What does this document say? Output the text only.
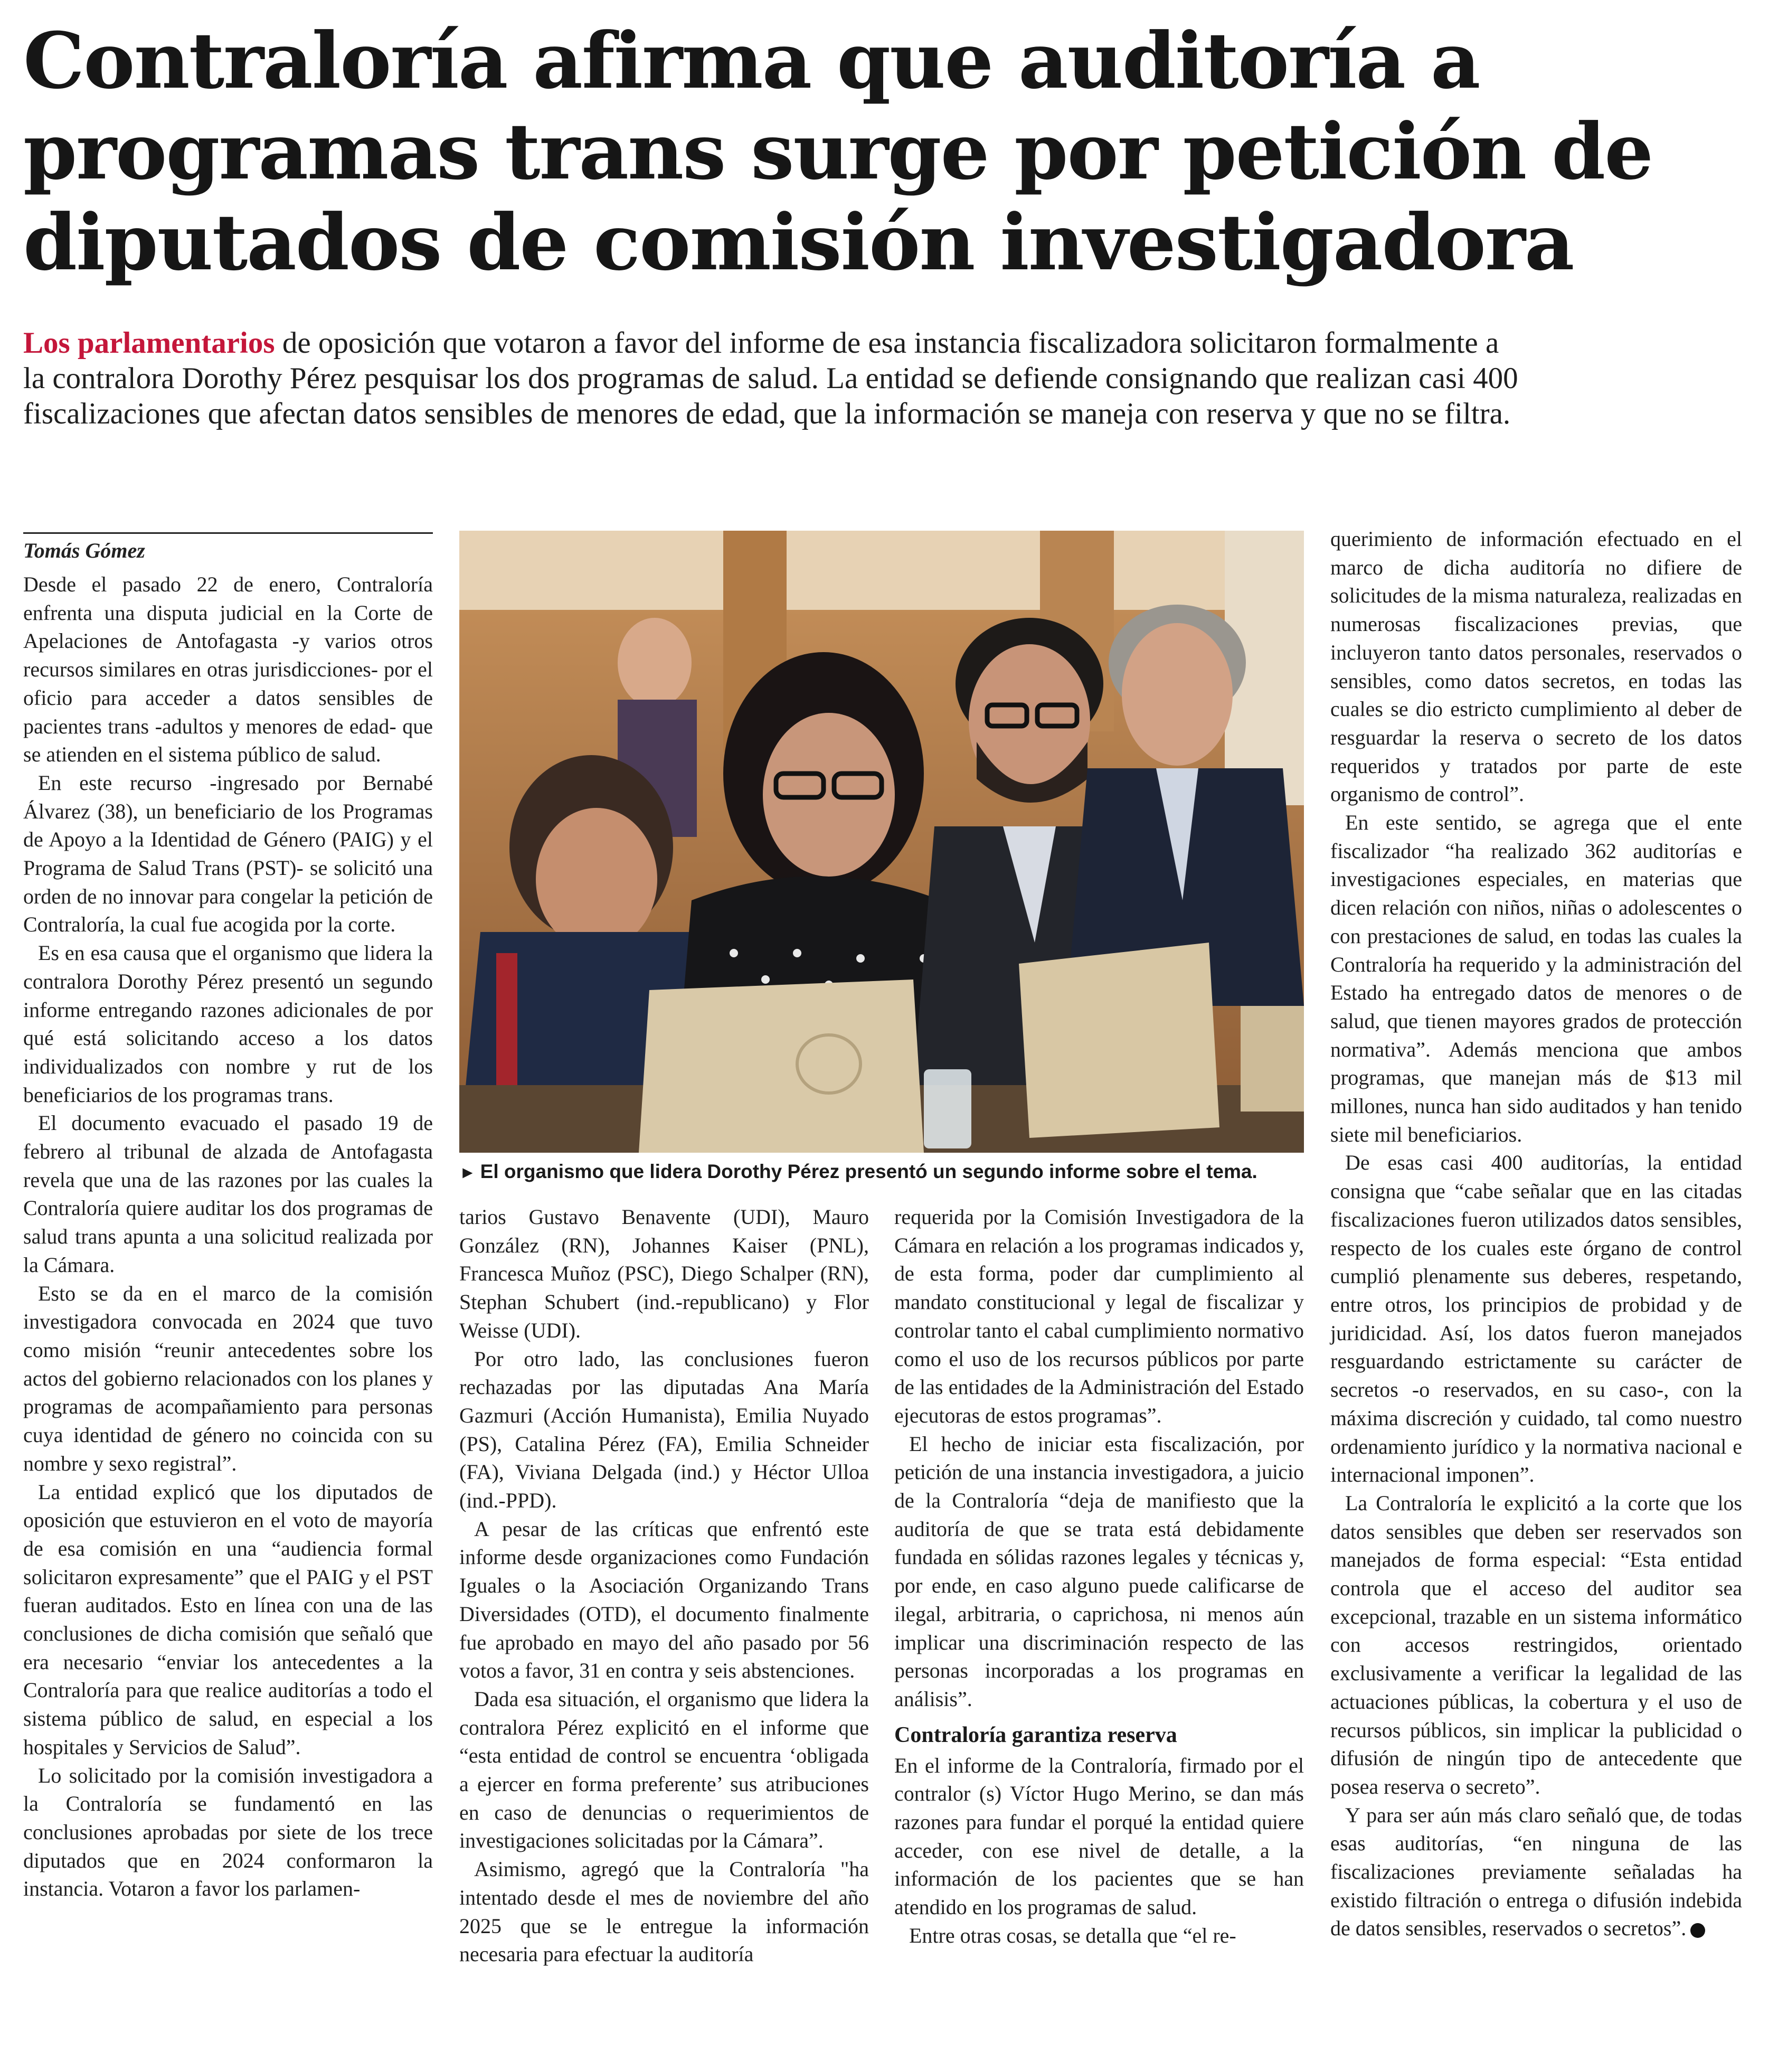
Contraloría afirma que auditoría a
programas trans surge por petición de
diputados de comisión investigadora

Los parlamentarios de oposición que votaron a favor del informe de esa instancia fiscalizadora solicitaron formalmente a
la contralora Dorothy Pérez pesquisar los dos programas de salud. La entidad se defiende consignando que realizan casi 400
fiscalizaciones que afectan datos sensibles de menores de edad, que la información se maneja con reserva y que no se filtra.

Tomás Gómez

Desde el pasado 22 de enero, Contraloría enfrenta una disputa judicial en la Corte de Apelaciones de Antofagasta -y varios otros recursos similares en otras jurisdicciones- por el oficio para acceder a datos sensibles de pacientes trans -adultos y menores de edad- que se atienden en el sistema público de salud.

En este recurso -ingresado por Bernabé Álvarez (38), un beneficiario de los Programas de Apoyo a la Identidad de Género (PAIG) y el Programa de Salud Trans (PST)- se solicitó una orden de no innovar para congelar la petición de Contraloría, la cual fue acogida por la corte.

Es en esa causa que el organismo que lidera la contralora Dorothy Pérez presentó un segundo informe entregando razones adicionales de por qué está solicitando acceso a los datos individualizados con nombre y rut de los beneficiarios de los programas trans.

El documento evacuado el pasado 19 de febrero al tribunal de alzada de Antofagasta revela que una de las razones por las cuales la Contraloría quiere auditar los dos programas de salud trans apunta a una solicitud realizada por la Cámara.

Esto se da en el marco de la comisión investigadora convocada en 2024 que tuvo como misión “reunir antecedentes sobre los actos del gobierno relacionados con los planes y programas de acompañamiento para personas cuya identidad de género no coincida con su nombre y sexo registral”.

La entidad explicó que los diputados de oposición que estuvieron en el voto de mayoría de esa comisión en una “audiencia formal solicitaron expresamente” que el PAIG y el PST fueran auditados. Esto en línea con una de las conclusiones de dicha comisión que señaló que era necesario “enviar los antecedentes a la Contraloría para que realice auditorías a todo el sistema público de salud, en especial a los hospitales y Servicios de Salud”.

Lo solicitado por la comisión investigadora a la Contraloría se fundamentó en las conclusiones aprobadas por siete de los trece diputados que en 2024 conformaron la instancia. Votaron a favor los parlamen-

► El organismo que lidera Dorothy Pérez presentó un segundo informe sobre el tema.

tarios Gustavo Benavente (UDI), Mauro González (RN), Johannes Kaiser (PNL), Francesca Muñoz (PSC), Diego Schalper (RN), Stephan Schubert (ind.-republicano) y Flor Weisse (UDI).

Por otro lado, las conclusiones fueron rechazadas por las diputadas Ana María Gazmuri (Acción Humanista), Emilia Nuyado (PS), Catalina Pérez (FA), Emilia Schneider (FA), Viviana Delgada (ind.) y Héctor Ulloa (ind.-PPD).

A pesar de las críticas que enfrentó este informe desde organizaciones como Fundación Iguales o la Asociación Organizando Trans Diversidades (OTD), el documento finalmente fue aprobado en mayo del año pasado por 56 votos a favor, 31 en contra y seis abstenciones.

Dada esa situación, el organismo que lidera la contralora Pérez explicitó en el informe que “esta entidad de control se encuentra ‘obligada a ejercer en forma preferente’ sus atribuciones en caso de denuncias o requerimientos de investigaciones solicitadas por la Cámara”.

Asimismo, agregó que la Contraloría "ha intentado desde el mes de noviembre del año 2025 que se le entregue la información necesaria para efectuar la auditoría

requerida por la Comisión Investigadora de la Cámara en relación a los programas indicados y, de esta forma, poder dar cumplimiento al mandato constitucional y legal de fiscalizar y controlar tanto el cabal cumplimiento normativo como el uso de los recursos públicos por parte de las entidades de la Administración del Estado ejecutoras de estos programas”.

El hecho de iniciar esta fiscalización, por petición de una instancia investigadora, a juicio de la Contraloría “deja de manifiesto que la auditoría de que se trata está debidamente fundada en sólidas razones legales y técnicas y, por ende, en caso alguno puede calificarse de ilegal, arbitraria, o caprichosa, ni menos aún implicar una discriminación respecto de las personas incorporadas a los programas en análisis”.

Contraloría garantiza reserva

En el informe de la Contraloría, firmado por el contralor (s) Víctor Hugo Merino, se dan más razones para fundar el porqué la entidad quiere acceder, con ese nivel de detalle, a la información de los pacientes que se han atendido en los programas de salud.

Entre otras cosas, se detalla que “el re-

querimiento de información efectuado en el marco de dicha auditoría no difiere de solicitudes de la misma naturaleza, realizadas en numerosas fiscalizaciones previas, que incluyeron tanto datos personales, reservados o sensibles, como datos secretos, en todas las cuales se dio estricto cumplimiento al deber de resguardar la reserva o secreto de los datos requeridos y tratados por parte de este organismo de control”.

En este sentido, se agrega que el ente fiscalizador “ha realizado 362 auditorías e investigaciones especiales, en materias que dicen relación con niños, niñas o adolescentes o con prestaciones de salud, en todas las cuales la Contraloría ha requerido y la administración del Estado ha entregado datos de menores o de salud, que tienen mayores grados de protección normativa”. Además menciona que ambos programas, que manejan más de $13 mil millones, nunca han sido auditados y han tenido siete mil beneficiarios.

De esas casi 400 auditorías, la entidad consigna que “cabe señalar que en las citadas fiscalizaciones fueron utilizados datos sensibles, respecto de los cuales este órgano de control cumplió plenamente sus deberes, respetando, entre otros, los principios de probidad y de juridicidad. Así, los datos fueron manejados resguardando estrictamente su carácter de secretos -o reservados, en su caso-, con la máxima discreción y cuidado, tal como nuestro ordenamiento jurídico y la normativa nacional e internacional imponen”.

La Contraloría le explicitó a la corte que los datos sensibles que deben ser reservados son manejados de forma especial: “Esta entidad controla que el acceso del auditor sea excepcional, trazable en un sistema informático con accesos restringidos, orientado exclusivamente a verificar la legalidad de las actuaciones públicas, la cobertura y el uso de recursos públicos, sin implicar la publicidad o difusión de ningún tipo de antecedente que posea reserva o secreto”.

Y para ser aún más claro señaló que, de todas esas auditorías, “en ninguna de las fiscalizaciones previamente señaladas ha existido filtración o entrega o difusión indebida de datos sensibles, reservados o secretos”.
